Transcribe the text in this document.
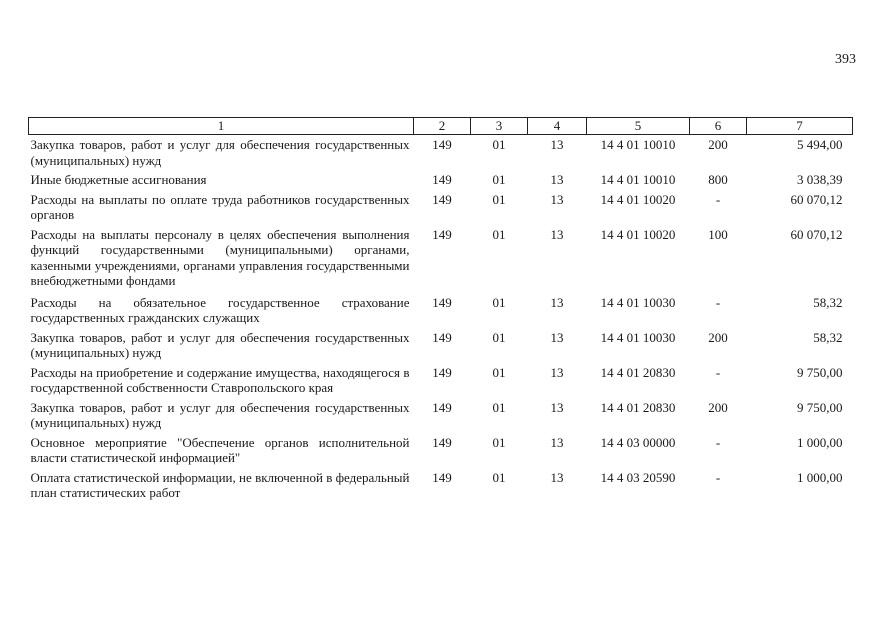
393
1	2	3	4	5	6	7
Закупка товаров, работ и услуг для обеспечения государственных (муниципальных) нужд	149	01	13	14 4 01 10010	200	5 494,00
Иные бюджетные ассигнования	149	01	13	14 4 01 10010	800	3 038,39
Расходы на выплаты по оплате труда работников государственных органов	149	01	13	14 4 01 10020	-	60 070,12
Расходы на выплаты персоналу в целях обеспечения выполнения функций государственными (муниципальными) органами, казенными учреждениями, органами управления государственными внебюджетными фондами	149	01	13	14 4 01 10020	100	60 070,12
Расходы на обязательное государственное страхование государственных гражданских служащих	149	01	13	14 4 01 10030	-	58,32
Закупка товаров, работ и услуг для обеспечения государственных (муниципальных) нужд	149	01	13	14 4 01 10030	200	58,32
Расходы на приобретение и содержание имущества, находящегося в государственной собственности Ставропольского края	149	01	13	14 4 01 20830	-	9 750,00
Закупка товаров, работ и услуг для обеспечения государственных (муниципальных) нужд	149	01	13	14 4 01 20830	200	9 750,00
Основное мероприятие "Обеспечение органов исполнительной власти статистической информацией"	149	01	13	14 4 03 00000	-	1 000,00
Оплата статистической информации, не включенной в федеральный план статистических работ	149	01	13	14 4 03 20590	-	1 000,00
